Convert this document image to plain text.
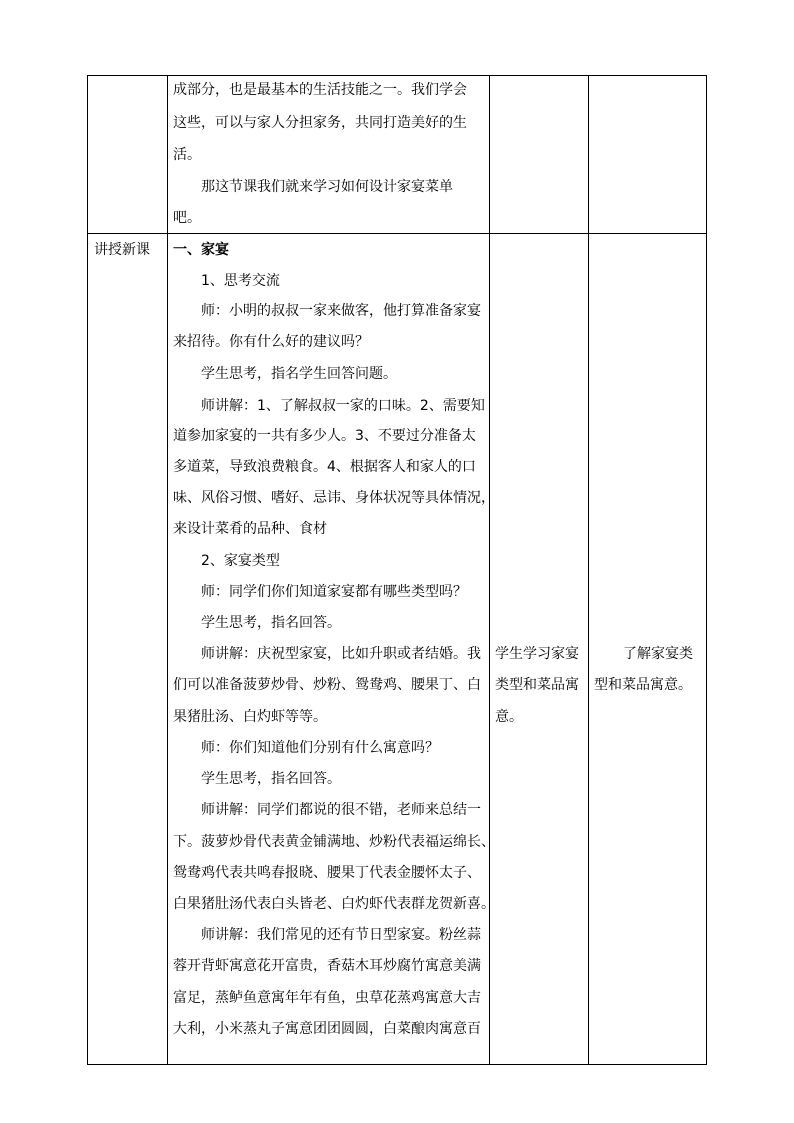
成部分，也是最基本的生活技能之一。我们学会
这些，可以与家人分担家务，共同打造美好的生
活。
那这节课我们就来学习如何设计家宴菜单
吧。
讲授新课 一、家宴
1、思考交流
师：小明的叔叔一家来做客，他打算准备家宴
来招待。你有什么好的建议吗？
学生思考，指名学生回答问题。
师讲解：1、了解叔叔一家的口味。2、需要知
道参加家宴的一共有多少人。3、不要过分准备太
多道菜，导致浪费粮食。4、根据客人和家人的口
味、风俗习惯、嗜好、忌讳、身体状况等具体情况，
来设计菜肴的品种、食材
2、家宴类型
师：同学们你们知道家宴都有哪些类型吗？
学生思考，指名回答。
师讲解：庆祝型家宴，比如升职或者结婚。我
们可以准备菠萝炒骨、炒粉、鸳鸯鸡、腰果丁、白
果猪肚汤、白灼虾等等。
师：你们知道他们分别有什么寓意吗？
学生思考，指名回答。
师讲解：同学们都说的很不错，老师来总结一
下。菠萝炒骨代表黄金铺满地、炒粉代表福运绵长、
鸳鸯鸡代表共鸣春报晓、腰果丁代表金腰怀太子、
白果猪肚汤代表白头皆老、白灼虾代表群龙贺新喜。
师讲解：我们常见的还有节日型家宴。粉丝蒜
蓉开背虾寓意花开富贵，香菇木耳炒腐竹寓意美满
富足，蒸鲈鱼意寓年年有鱼，虫草花蒸鸡寓意大吉
大利，小米蒸丸子寓意团团圆圆，白菜酿肉寓意百
学生学习家宴
类型和菜品寓
意。
了解家宴类
型和菜品寓意。
